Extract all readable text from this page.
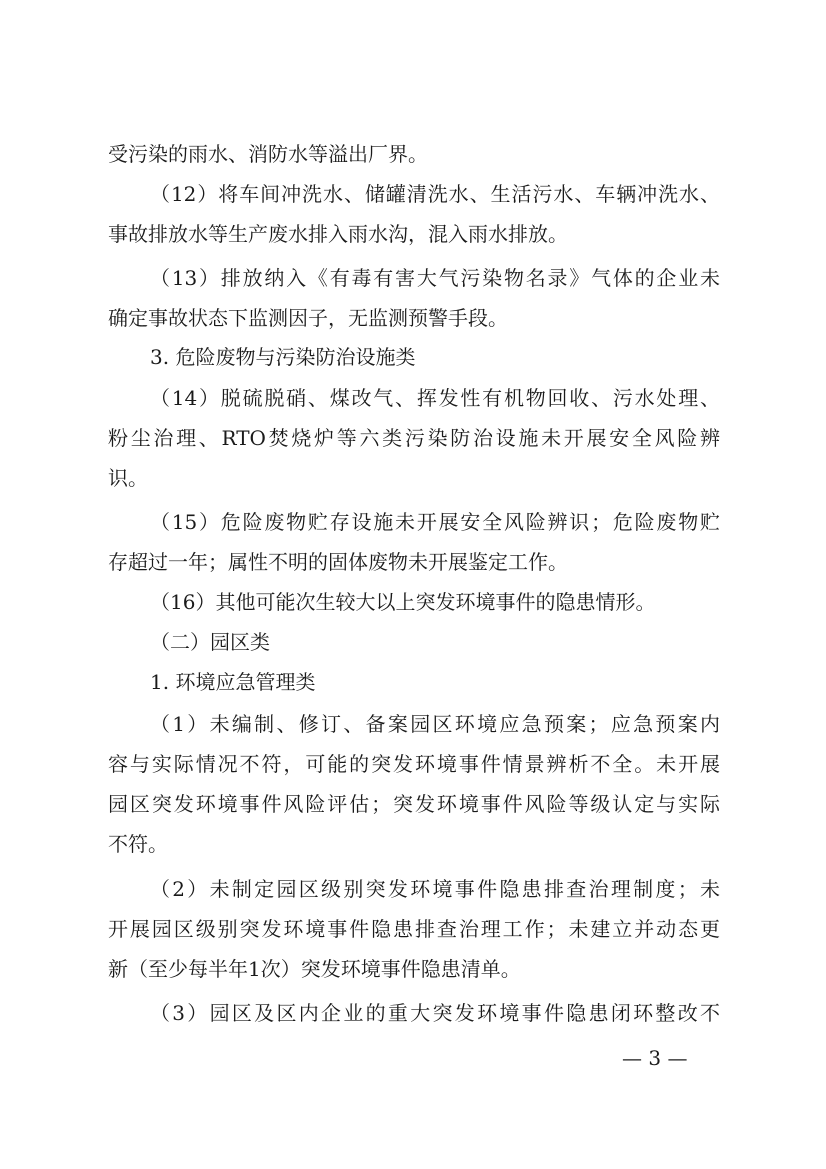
受污染的雨水、消防水等溢出厂界。
（12）将车间冲洗水、储罐清洗水、生活污水、车辆冲洗水、
事故排放水等生产废水排入雨水沟，混入雨水排放。
（13）排放纳入《有毒有害大气污染物名录》气体的企业未
确定事故状态下监测因子，无监测预警手段。
3. 危险废物与污染防治设施类
（14）脱硫脱硝、煤改气、挥发性有机物回收、污水处理、
粉尘治理、RTO焚烧炉等六类污染防治设施未开展安全风险辨
识。
（15）危险废物贮存设施未开展安全风险辨识；危险废物贮
存超过一年；属性不明的固体废物未开展鉴定工作。
（16）其他可能次生较大以上突发环境事件的隐患情形。
（二）园区类
1. 环境应急管理类
（1）未编制、修订、备案园区环境应急预案；应急预案内
容与实际情况不符，可能的突发环境事件情景辨析不全。未开展
园区突发环境事件风险评估；突发环境事件风险等级认定与实际
不符。
（2）未制定园区级别突发环境事件隐患排查治理制度；未
开展园区级别突发环境事件隐患排查治理工作；未建立并动态更
新（至少每半年1次）突发环境事件隐患清单。
（3）园区及区内企业的重大突发环境事件隐患闭环整改不
— 3 —
